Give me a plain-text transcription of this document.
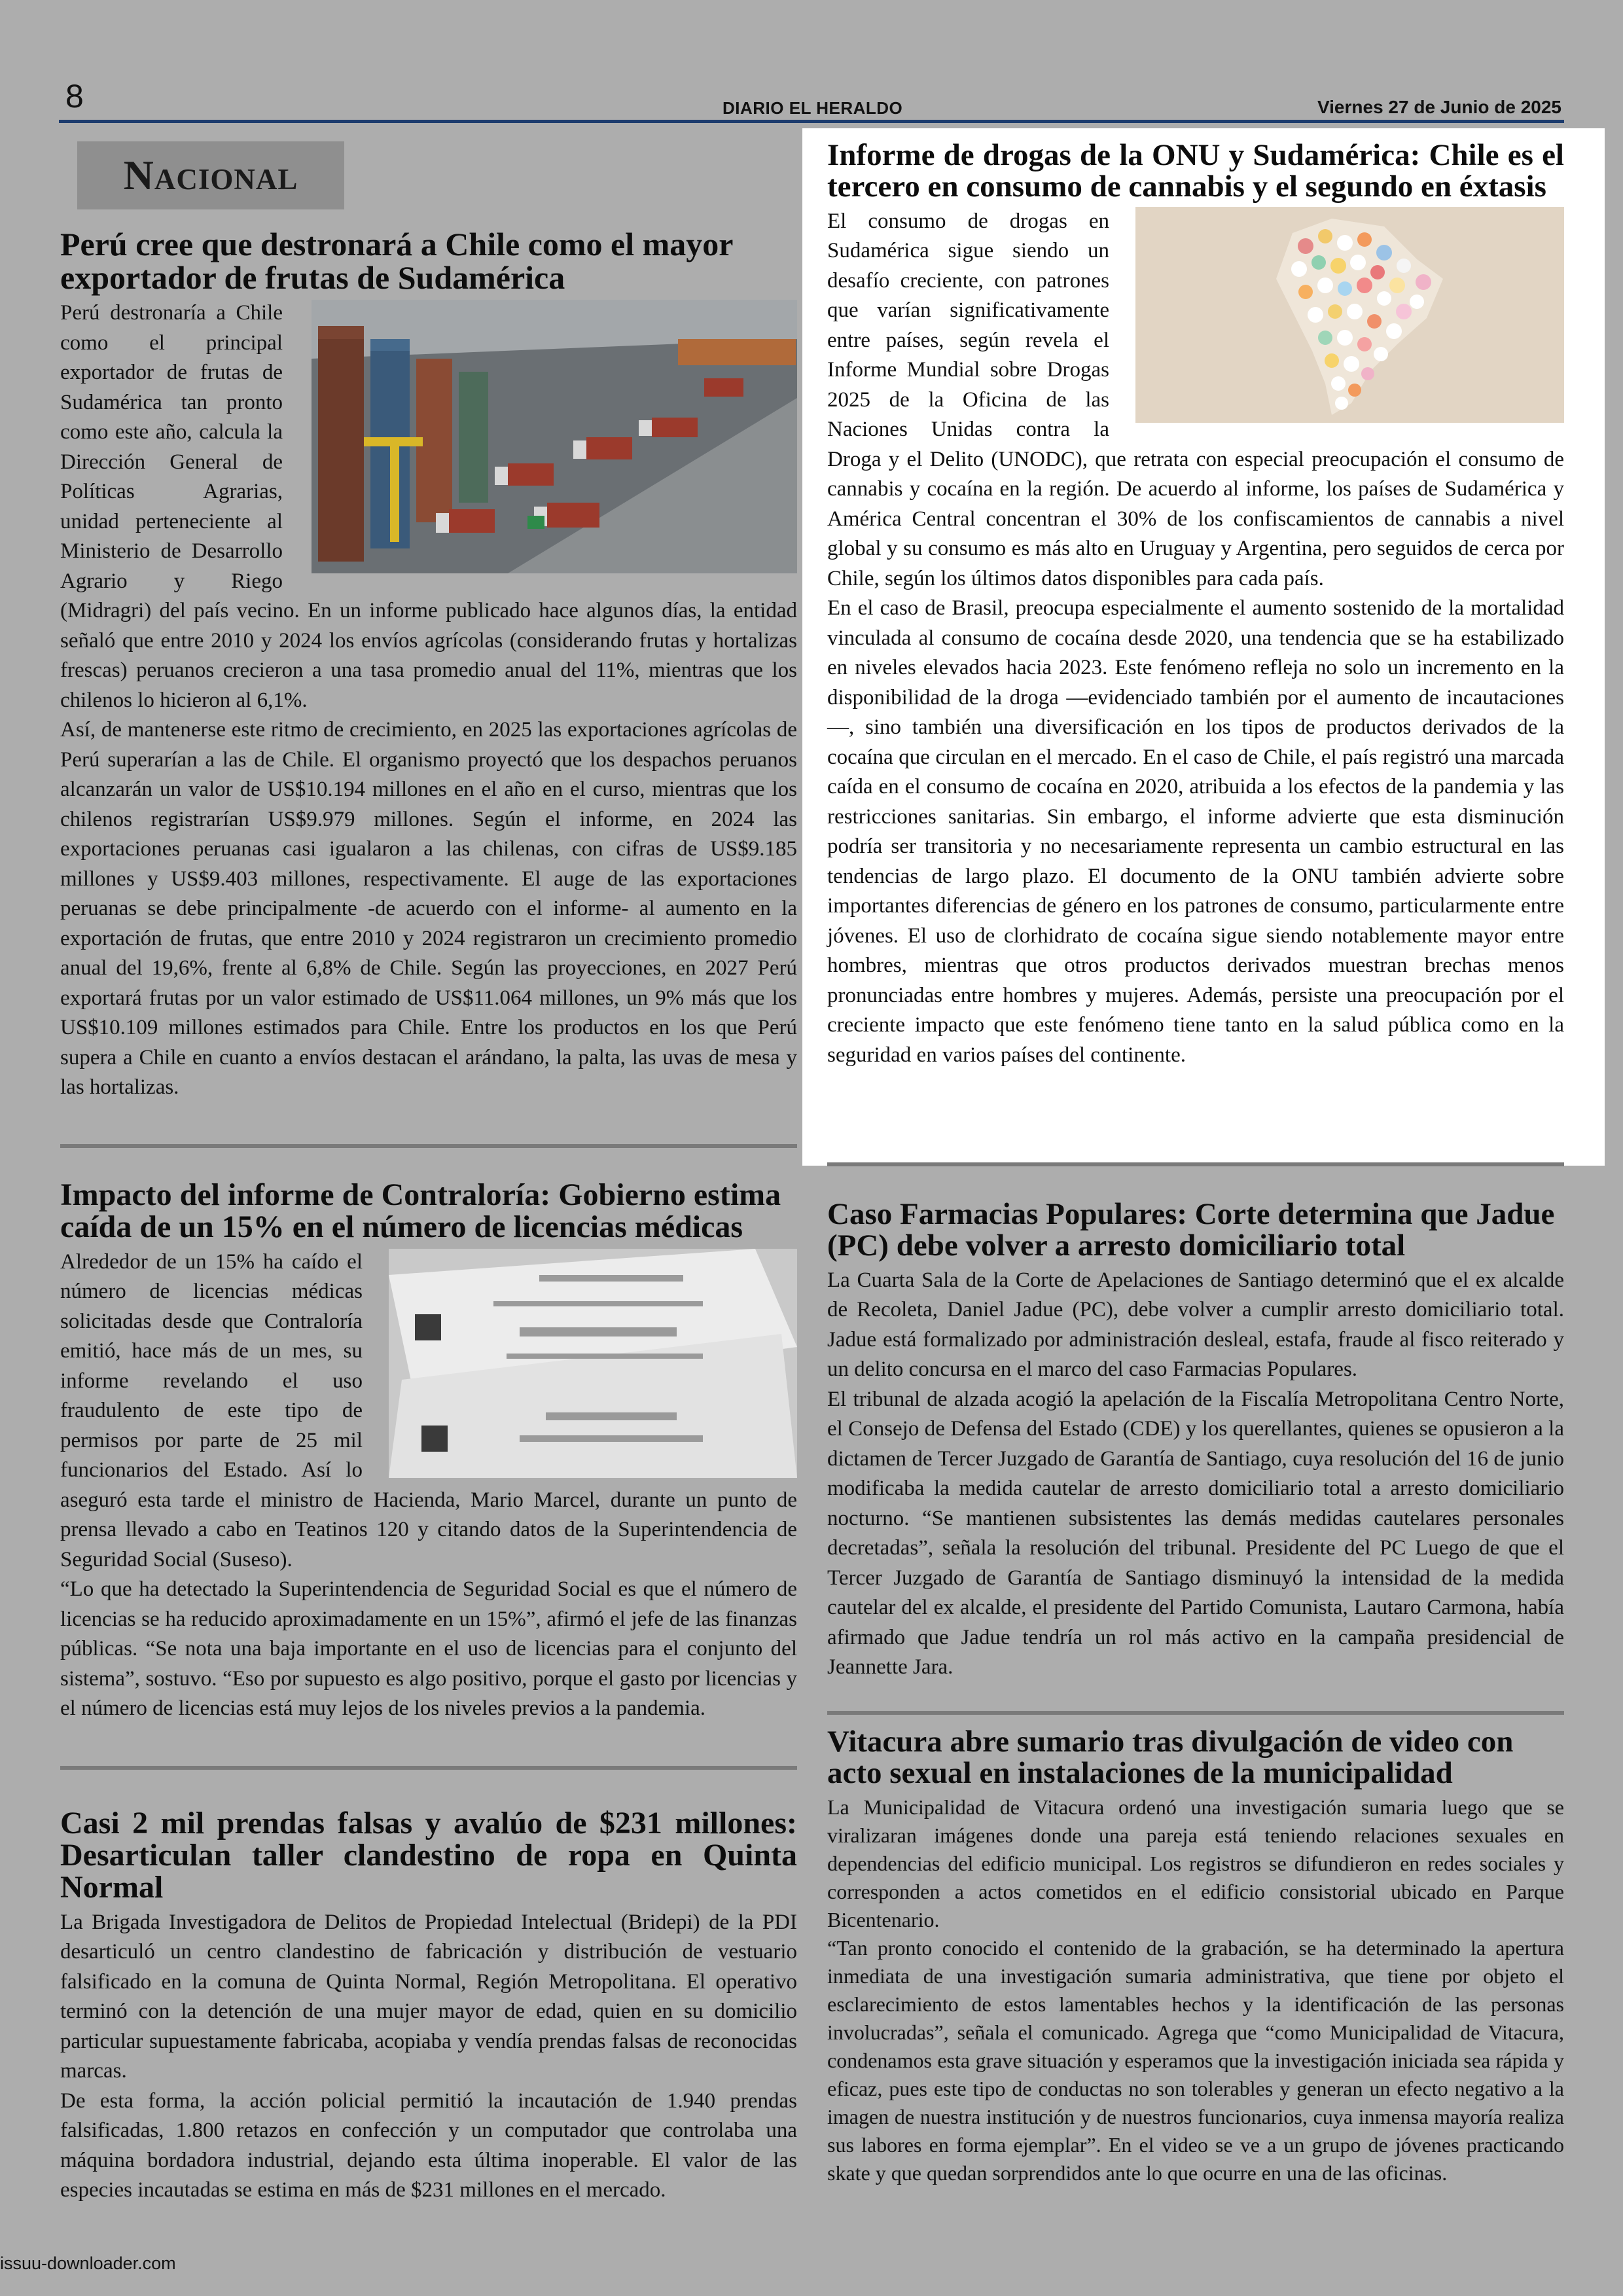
8	DIARIO EL HERALDO	Viernes 27 de Junio de 2025
Nacional
Perú cree que destronará a Chile como el mayor exportador de frutas de Sudamérica

Perú destronaría a Chile como el principal exportador de frutas de Sudamérica tan pronto como este año, calcula la Dirección General de Políticas Agrarias, unidad perteneciente al Ministerio de Desarrollo Agrario y Riego (Midragri) del país vecino. En un informe publicado hace algunos días, la entidad señaló que entre 2010 y 2024 los envíos agrícolas (considerando frutas y hortalizas frescas) peruanos crecieron a una tasa promedio anual del 11%, mientras que los chilenos lo hicieron al 6,1%.

Así, de mantenerse este ritmo de crecimiento, en 2025 las exportaciones agrícolas de Perú superarían a las de Chile. El organismo proyectó que los despachos peruanos alcanzarán un valor de US$10.194 millones en el año en el curso, mientras que los chilenos registrarían US$9.979 millones. Según el informe, en 2024 las exportaciones peruanas casi igualaron a las chilenas, con cifras de US$9.185 millones y US$9.403 millones, respectivamente. El auge de las exportaciones peruanas se debe principalmente -de acuerdo con el informe- al aumento en la exportación de frutas, que entre 2010 y 2024 registraron un crecimiento promedio anual del 19,6%, frente al 6,8% de Chile. Según las proyecciones, en 2027 Perú exportará frutas por un valor estimado de US$11.064 millones, un 9% más que los US$10.109 millones estimados para Chile. Entre los productos en los que Perú supera a Chile en cuanto a envíos destacan el arándano, la palta, las uvas de mesa y las hortalizas.

Informe de drogas de la ONU y Sudamérica: Chile es el tercero en consumo de cannabis y el segundo en éxtasis

El consumo de drogas en Sudamérica sigue siendo un desafío creciente, con patrones que varían significativamente entre países, según revela el Informe Mundial sobre Drogas 2025 de la Oficina de las Naciones Unidas contra la Droga y el Delito (UNODC), que retrata con especial preocupación el consumo de cannabis y cocaína en la región. De acuerdo al informe, los países de Sudamérica y América Central concentran el 30% de los confiscamientos de cannabis a nivel global y su consumo es más alto en Uruguay y Argentina, pero seguidos de cerca por Chile, según los últimos datos disponibles para cada país.

En el caso de Brasil, preocupa especialmente el aumento sostenido de la mortalidad vinculada al consumo de cocaína desde 2020, una tendencia que se ha estabilizado en niveles elevados hacia 2023. Este fenómeno refleja no solo un incremento en la disponibilidad de la droga —evidenciado también por el aumento de incautaciones—, sino también una diversificación en los tipos de productos derivados de la cocaína que circulan en el mercado. En el caso de Chile, el país registró una marcada caída en el consumo de cocaína en 2020, atribuida a los efectos de la pandemia y las restricciones sanitarias. Sin embargo, el informe advierte que esta disminución podría ser transitoria y no necesariamente representa un cambio estructural en las tendencias de largo plazo. El documento de la ONU también advierte sobre importantes diferencias de género en los patrones de consumo, particularmente entre jóvenes. El uso de clorhidrato de cocaína sigue siendo notablemente mayor entre hombres, mientras que otros productos derivados muestran brechas menos pronunciadas entre hombres y mujeres. Además, persiste una preocupación por el creciente impacto que este fenómeno tiene tanto en la salud pública como en la seguridad en varios países del continente.

Impacto del informe de Contraloría: Gobierno estima caída de un 15% en el número de licencias médicas

Alrededor de un 15% ha caído el número de licencias médicas solicitadas desde que Contraloría emitió, hace más de un mes, su informe revelando el uso fraudulento de este tipo de permisos por parte de 25 mil funcionarios del Estado. Así lo aseguró esta tarde el ministro de Hacienda, Mario Marcel, durante un punto de prensa llevado a cabo en Teatinos 120 y citando datos de la Superintendencia de Seguridad Social (Suseso).

“Lo que ha detectado la Superintendencia de Seguridad Social es que el número de licencias se ha reducido aproximadamente en un 15%”, afirmó el jefe de las finanzas públicas. “Se nota una baja importante en el uso de licencias para el conjunto del sistema”, sostuvo. “Eso por supuesto es algo positivo, porque el gasto por licencias y el número de licencias está muy lejos de los niveles previos a la pandemia.

Casi 2 mil prendas falsas y avalúo de $231 millones: Desarticulan taller clandestino de ropa en Quinta Normal

La Brigada Investigadora de Delitos de Propiedad Intelectual (Bridepi) de la PDI desarticuló un centro clandestino de fabricación y distribución de vestuario falsificado en la comuna de Quinta Normal, Región Metropolitana. El operativo terminó con la detención de una mujer mayor de edad, quien en su domicilio particular supuestamente fabricaba, acopiaba y vendía prendas falsas de reconocidas marcas.

De esta forma, la acción policial permitió la incautación de 1.940 prendas falsificadas, 1.800 retazos en confección y un computador que controlaba una máquina bordadora industrial, dejando esta última inoperable. El valor de las especies incautadas se estima en más de $231 millones en el mercado.

Caso Farmacias Populares: Corte determina que Jadue (PC) debe volver a arresto domiciliario total

La Cuarta Sala de la Corte de Apelaciones de Santiago determinó que el ex alcalde de Recoleta, Daniel Jadue (PC), debe volver a cumplir arresto domiciliario total. Jadue está formalizado por administración desleal, estafa, fraude al fisco reiterado y un delito concursa en el marco del caso Farmacias Populares.

El tribunal de alzada acogió la apelación de la Fiscalía Metropolitana Centro Norte, el Consejo de Defensa del Estado (CDE) y los querellantes, quienes se opusieron a la dictamen de Tercer Juzgado de Garantía de Santiago, cuya resolución del 16 de junio modificaba la medida cautelar de arresto domiciliario total a arresto domiciliario nocturno. “Se mantienen subsistentes las demás medidas cautelares personales decretadas”, señala la resolución del tribunal. Presidente del PC Luego de que el Tercer Juzgado de Garantía de Santiago disminuyó la intensidad de la medida cautelar del ex alcalde, el presidente del Partido Comunista, Lautaro Carmona, había afirmado que Jadue tendría un rol más activo en la campaña presidencial de Jeannette Jara.

Vitacura abre sumario tras divulgación de video con acto sexual en instalaciones de la municipalidad

La Municipalidad de Vitacura ordenó una investigación sumaria luego que se viralizaran imágenes donde una pareja está teniendo relaciones sexuales en dependencias del edificio municipal. Los registros se difundieron en redes sociales y corresponden a actos cometidos en el edificio consistorial ubicado en Parque Bicentenario.

“Tan pronto conocido el contenido de la grabación, se ha determinado la apertura inmediata de una investigación sumaria administrativa, que tiene por objeto el esclarecimiento de estos lamentables hechos y la identificación de las personas involucradas”, señala el comunicado. Agrega que “como Municipalidad de Vitacura, condenamos esta grave situación y esperamos que la investigación iniciada sea rápida y eficaz, pues este tipo de conductas no son tolerables y generan un efecto negativo a la imagen de nuestra institución y de nuestros funcionarios, cuya inmensa mayoría realiza sus labores en forma ejemplar”. En el video se ve a un grupo de jóvenes practicando skate y que quedan sorprendidos ante lo que ocurre en una de las oficinas.

issuu-downloader.com
